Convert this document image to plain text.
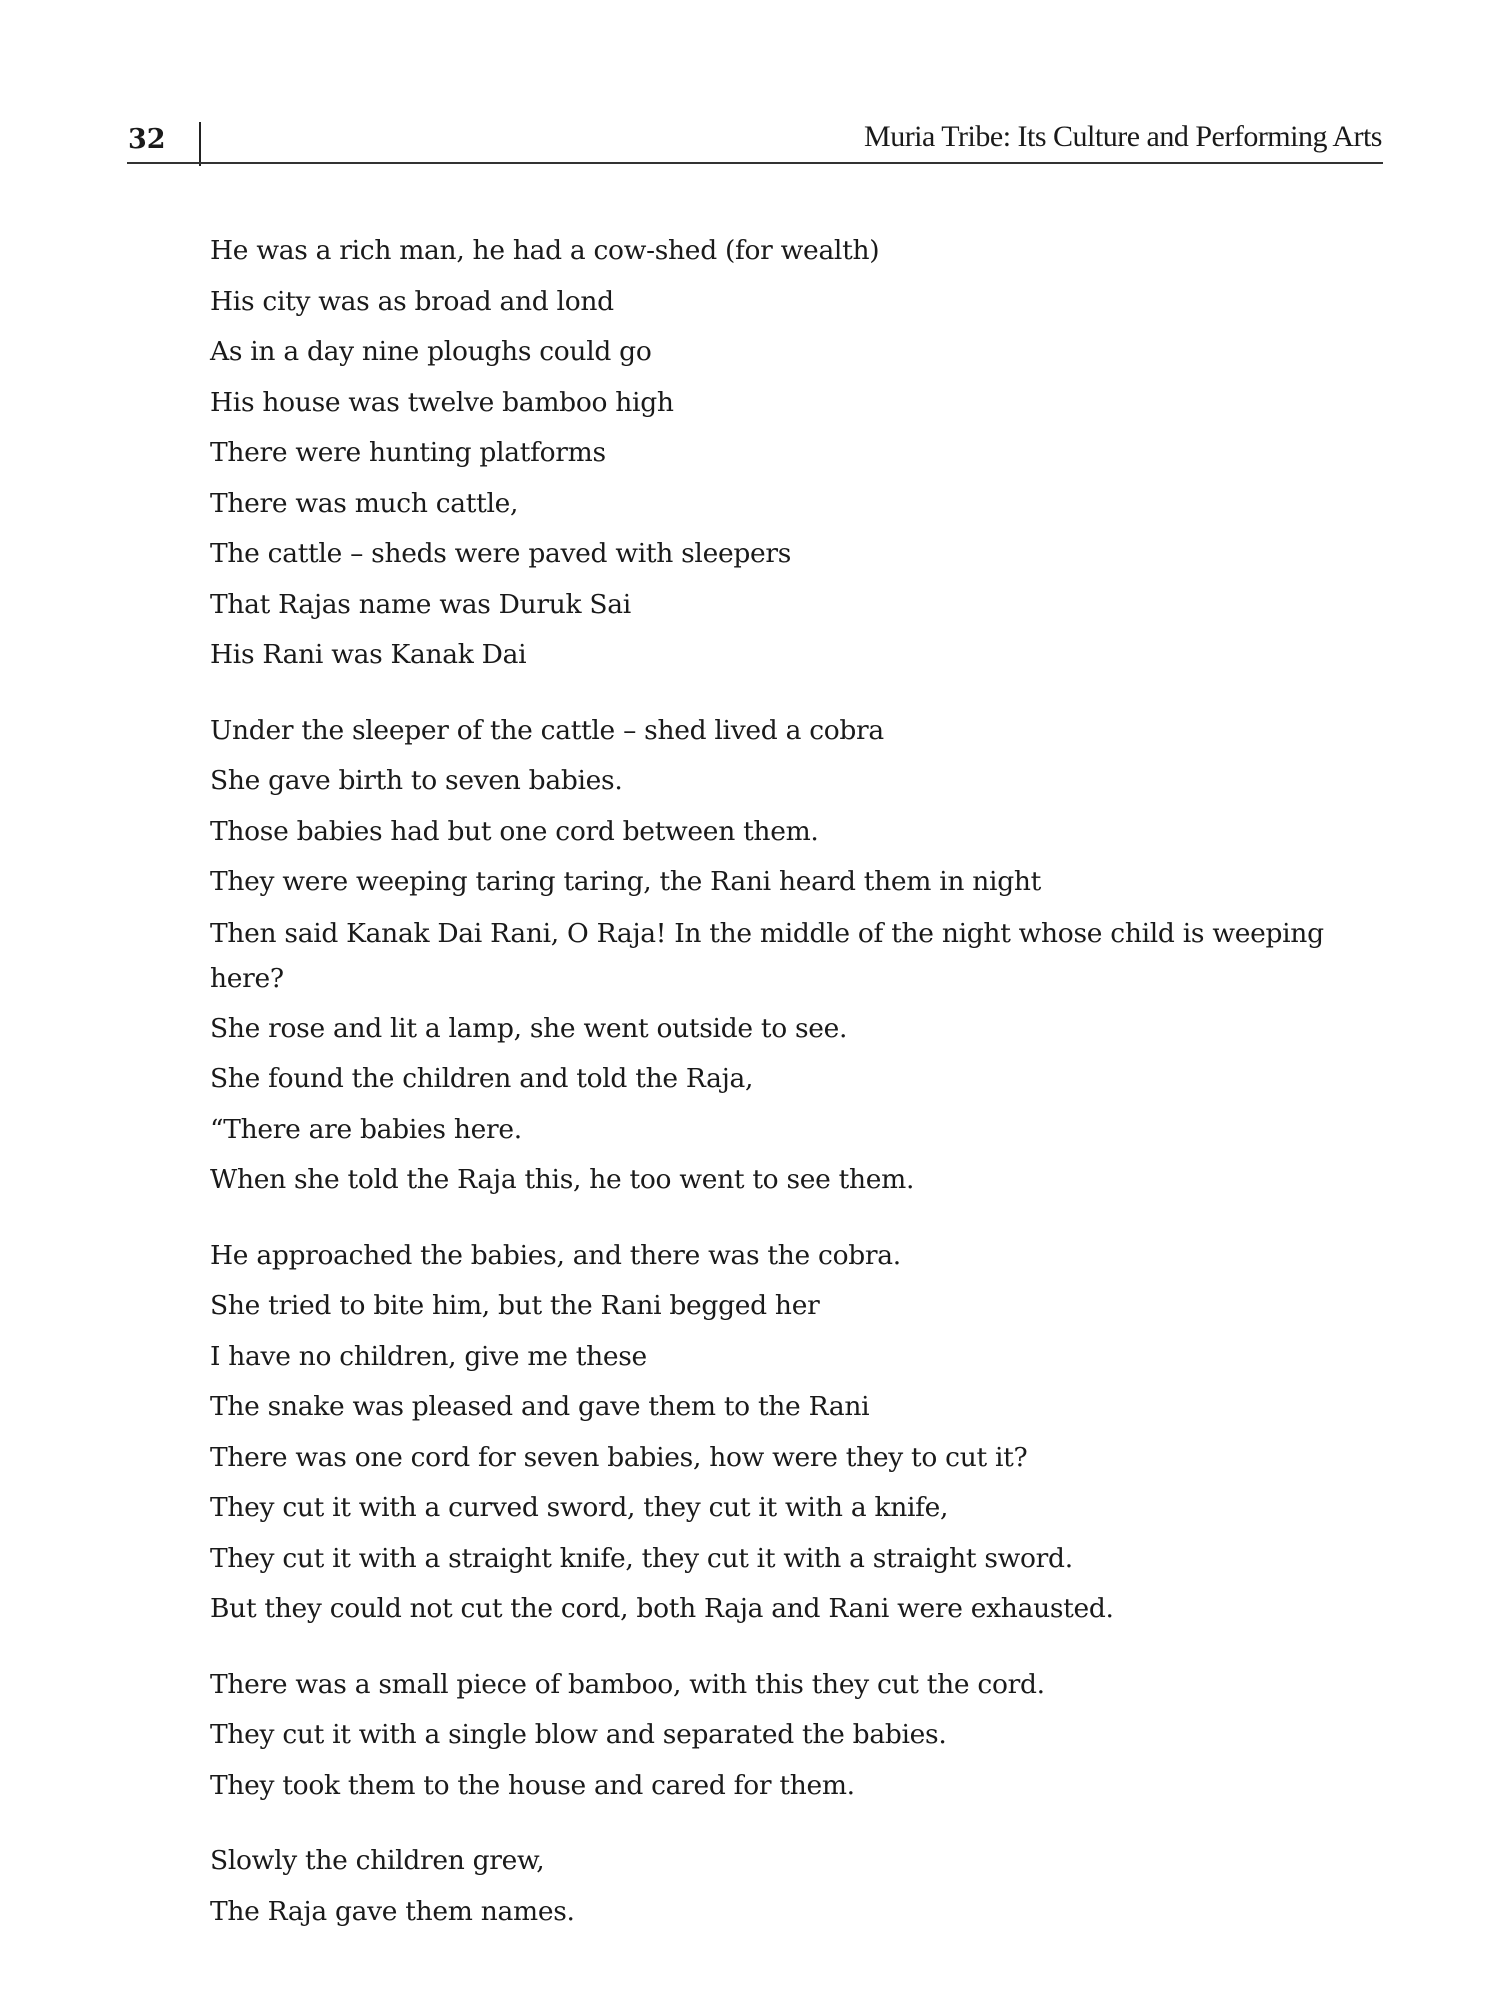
32	Muria Tribe: Its Culture and Performing Arts
He was a rich man, he had a cow-shed (for wealth)
His city was as broad and lond
As in a day nine ploughs could go
His house was twelve bamboo high
There were hunting platforms
There was much cattle,
The cattle – sheds were paved with sleepers
That Rajas name was Duruk Sai
His Rani was Kanak Dai
Under the sleeper of the cattle – shed lived a cobra
She gave birth to seven babies.
Those babies had but one cord between them.
They were weeping taring taring, the Rani heard them in night
Then said Kanak Dai Rani, O Raja! In the middle of the night whose child is weeping here?
She rose and lit a lamp, she went outside to see.
She found the children and told the Raja,
“There are babies here.
When she told the Raja this, he too went to see them.
He approached the babies, and there was the cobra.
She tried to bite him, but the Rani begged her
I have no children, give me these
The snake was pleased and gave them to the Rani
There was one cord for seven babies, how were they to cut it?
They cut it with a curved sword, they cut it with a knife,
They cut it with a straight knife, they cut it with a straight sword.
But they could not cut the cord, both Raja and Rani were exhausted.
There was a small piece of bamboo, with this they cut the cord.
They cut it with a single blow and separated the babies.
They took them to the house and cared for them.
Slowly the children grew,
The Raja gave them names.
